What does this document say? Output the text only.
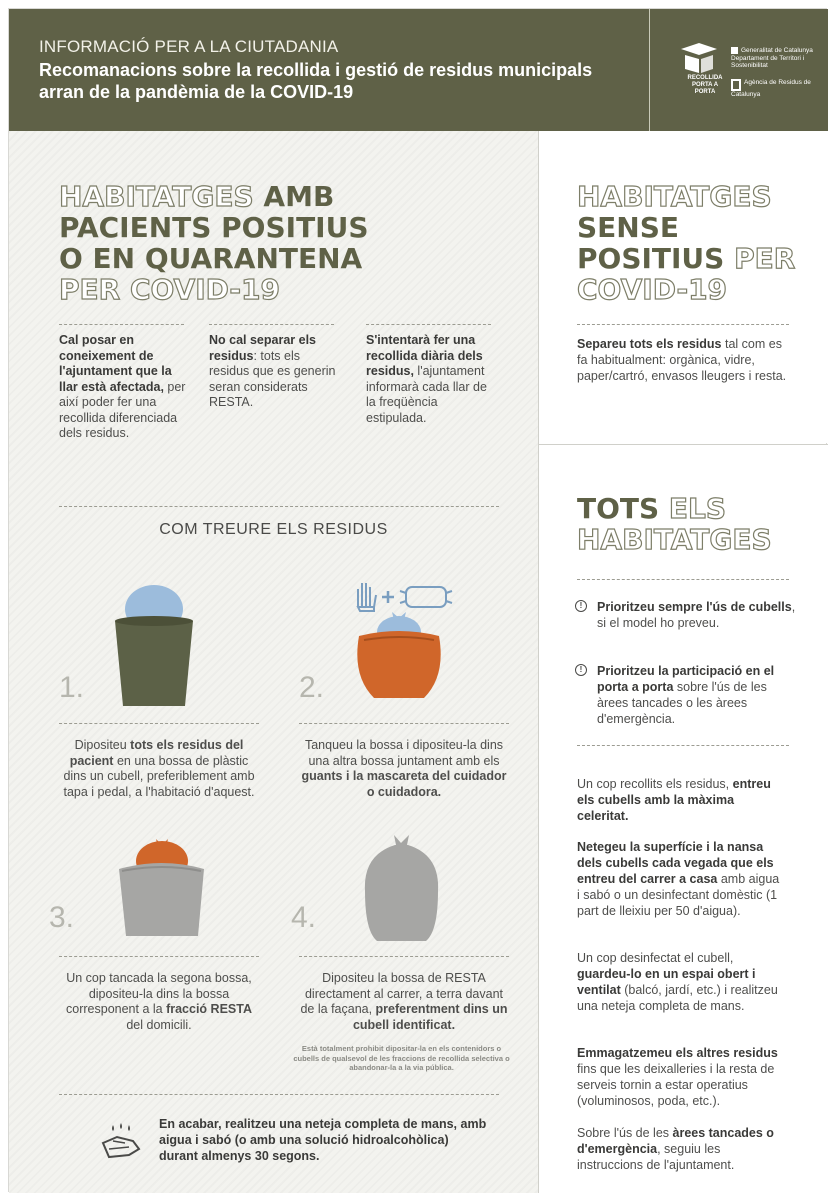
INFORMACIÓ PER A LA CIUTADANIA
Recomanacions sobre la recollida i gestió de residus municipals arran de la pandèmia de la COVID-19
RECOLLIDA PORTA A PORTA
Generalitat de Catalunya Departament de Territori i Sostenibilitat
Agència de Residus de Catalunya
HABITATGES AMB
PACIENTS POSITIUS
O EN QUARANTENA
PER COVID-19
Cal posar en coneixement de l'ajuntament que la llar està afectada, per així poder fer una recollida diferenciada dels residus.
No cal separar els residus: tots els residus que es generin seran considerats RESTA.
S'intentarà fer una recollida diària dels residus, l'ajuntament informarà cada llar de la freqüència estipulada.
COM TREURE ELS RESIDUS
1.	2.
Dipositeu tots els residus del pacient en una bossa de plàstic dins un cubell, preferiblement amb tapa i pedal, a l'habitació d'aquest.
Tanqueu la bossa i dipositeu-la dins una altra bossa juntament amb els guants i la mascareta del cuidador o cuidadora.
3.	4.
Un cop tancada la segona bossa, dipositeu-la dins la bossa corresponent a la fracció RESTA del domicili.
Dipositeu la bossa de RESTA directament al carrer, a terra davant de la façana, preferentment dins un cubell identificat.
Està totalment prohibit dipositar-la en els contenidors o cubells de qualsevol de les fraccions de recollida selectiva o abandonar-la a la via pública.
En acabar, realitzeu una neteja completa de mans, amb aigua i sabó (o amb una solució hidroalcohòlica) durant almenys 30 segons.
HABITATGES
SENSE
POSITIUS PER
COVID-19
Separeu tots els residus tal com es fa habitualment: orgànica, vidre, paper/cartró, envasos lleugers i resta.
TOTS ELS
HABITATGES
!	Prioritzeu sempre l'ús de cubells, si el model ho preveu.
!	Prioritzeu la participació en el porta a porta sobre l'ús de les àrees tancades o les àrees d'emergència.
Un cop recollits els residus, entreu els cubells amb la màxima celeritat.
Netegeu la superfície i la nansa dels cubells cada vegada que els entreu del carrer a casa amb aigua i sabó o un desinfectant domèstic (1 part de lleixiu per 50 d'aigua).
Un cop desinfectat el cubell, guardeu-lo en un espai obert i ventilat (balcó, jardí, etc.) i realitzeu una neteja completa de mans.
Emmagatzemeu els altres residus fins que les deixalleries i la resta de serveis tornin a estar operatius (voluminosos, poda, etc.).
Sobre l'ús de les àrees tancades o d'emergència, seguiu les instruccions de l'ajuntament.
